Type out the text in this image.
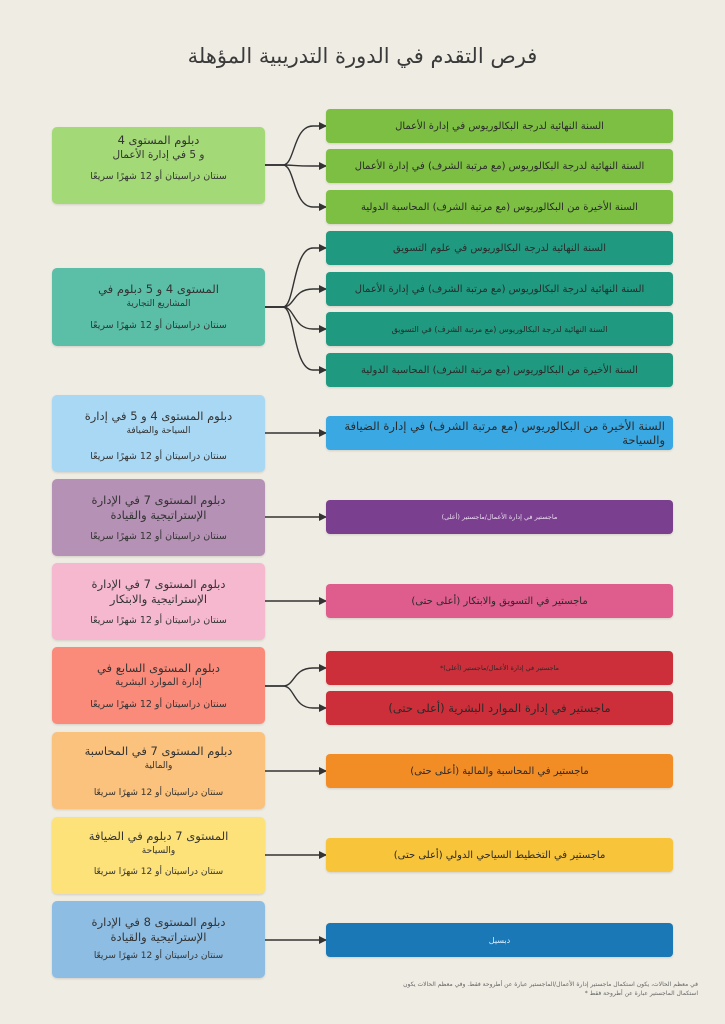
فرص التقدم في الدورة التدريبية المؤهلة
دبلوم المستوى 4
و 5 في إدارة الأعمال
سنتان دراسيتان أو 12 شهرًا سريعًا
السنة النهائية لدرجة البكالوريوس في إدارة الأعمال
السنة النهائية لدرجة البكالوريوس (مع مرتبة الشرف) في إدارة الأعمال
السنة الأخيرة من البكالوريوس (مع مرتبة الشرف) المحاسبة الدولية
المستوى 4 و 5 دبلوم في
المشاريع التجارية
سنتان دراسيتان أو 12 شهرًا سريعًا
السنة النهائية لدرجة البكالوريوس في علوم التسويق
السنة النهائية لدرجة البكالوريوس (مع مرتبة الشرف) في إدارة الأعمال
السنة النهائية لدرجة البكالوريوس (مع مرتبة الشرف) في التسويق
السنة الأخيرة من البكالوريوس (مع مرتبة الشرف) المحاسبة الدولية
دبلوم المستوى 4 و 5 في إدارة
السياحة والضيافة
سنتان دراسيتان أو 12 شهرًا سريعًا
السنة الأخيرة من البكالوريوس (مع مرتبة الشرف) في إدارة الضيافة والسياحة
دبلوم المستوى 7 في الإدارة
الإستراتيجية والقيادة
سنتان دراسيتان أو 12 شهرًا سريعًا
ماجستير في إدارة الأعمال/ماجستير (أعلى)
دبلوم المستوى 7 في الإدارة
الإستراتيجية والابتكار
سنتان دراسيتان أو 12 شهرًا سريعًا
ماجستير في التسويق والابتكار (أعلى حتى)
دبلوم المستوى السابع في
إدارة الموارد البشرية
سنتان دراسيتان أو 12 شهرًا سريعًا
ماجستير في إدارة الأعمال/ماجستير (أعلى)*
ماجستير في إدارة الموارد البشرية (أعلى حتى)
دبلوم المستوى 7 في المحاسبة
والمالية
سنتان دراسيتان أو 12 شهرًا سريعًا
ماجستير في المحاسبة والمالية (أعلى حتى)
المستوى 7 دبلوم في الضيافة
والسياحة
سنتان دراسيتان أو 12 شهرًا سريعًا
ماجستير في التخطيط السياحي الدولي (أعلى حتى)
دبلوم المستوى 8 في الإدارة
الإستراتيجية والقيادة
سنتان دراسيتان أو 12 شهرًا سريعًا
دبسيل
في معظم الحالات، يكون استكمال ماجستير إدارة الأعمال/الماجستير عبارة عن أطروحة فقط. وفي معظم الحالات يكون استكمال الماجستير عبارة عن أطروحة فقط *
